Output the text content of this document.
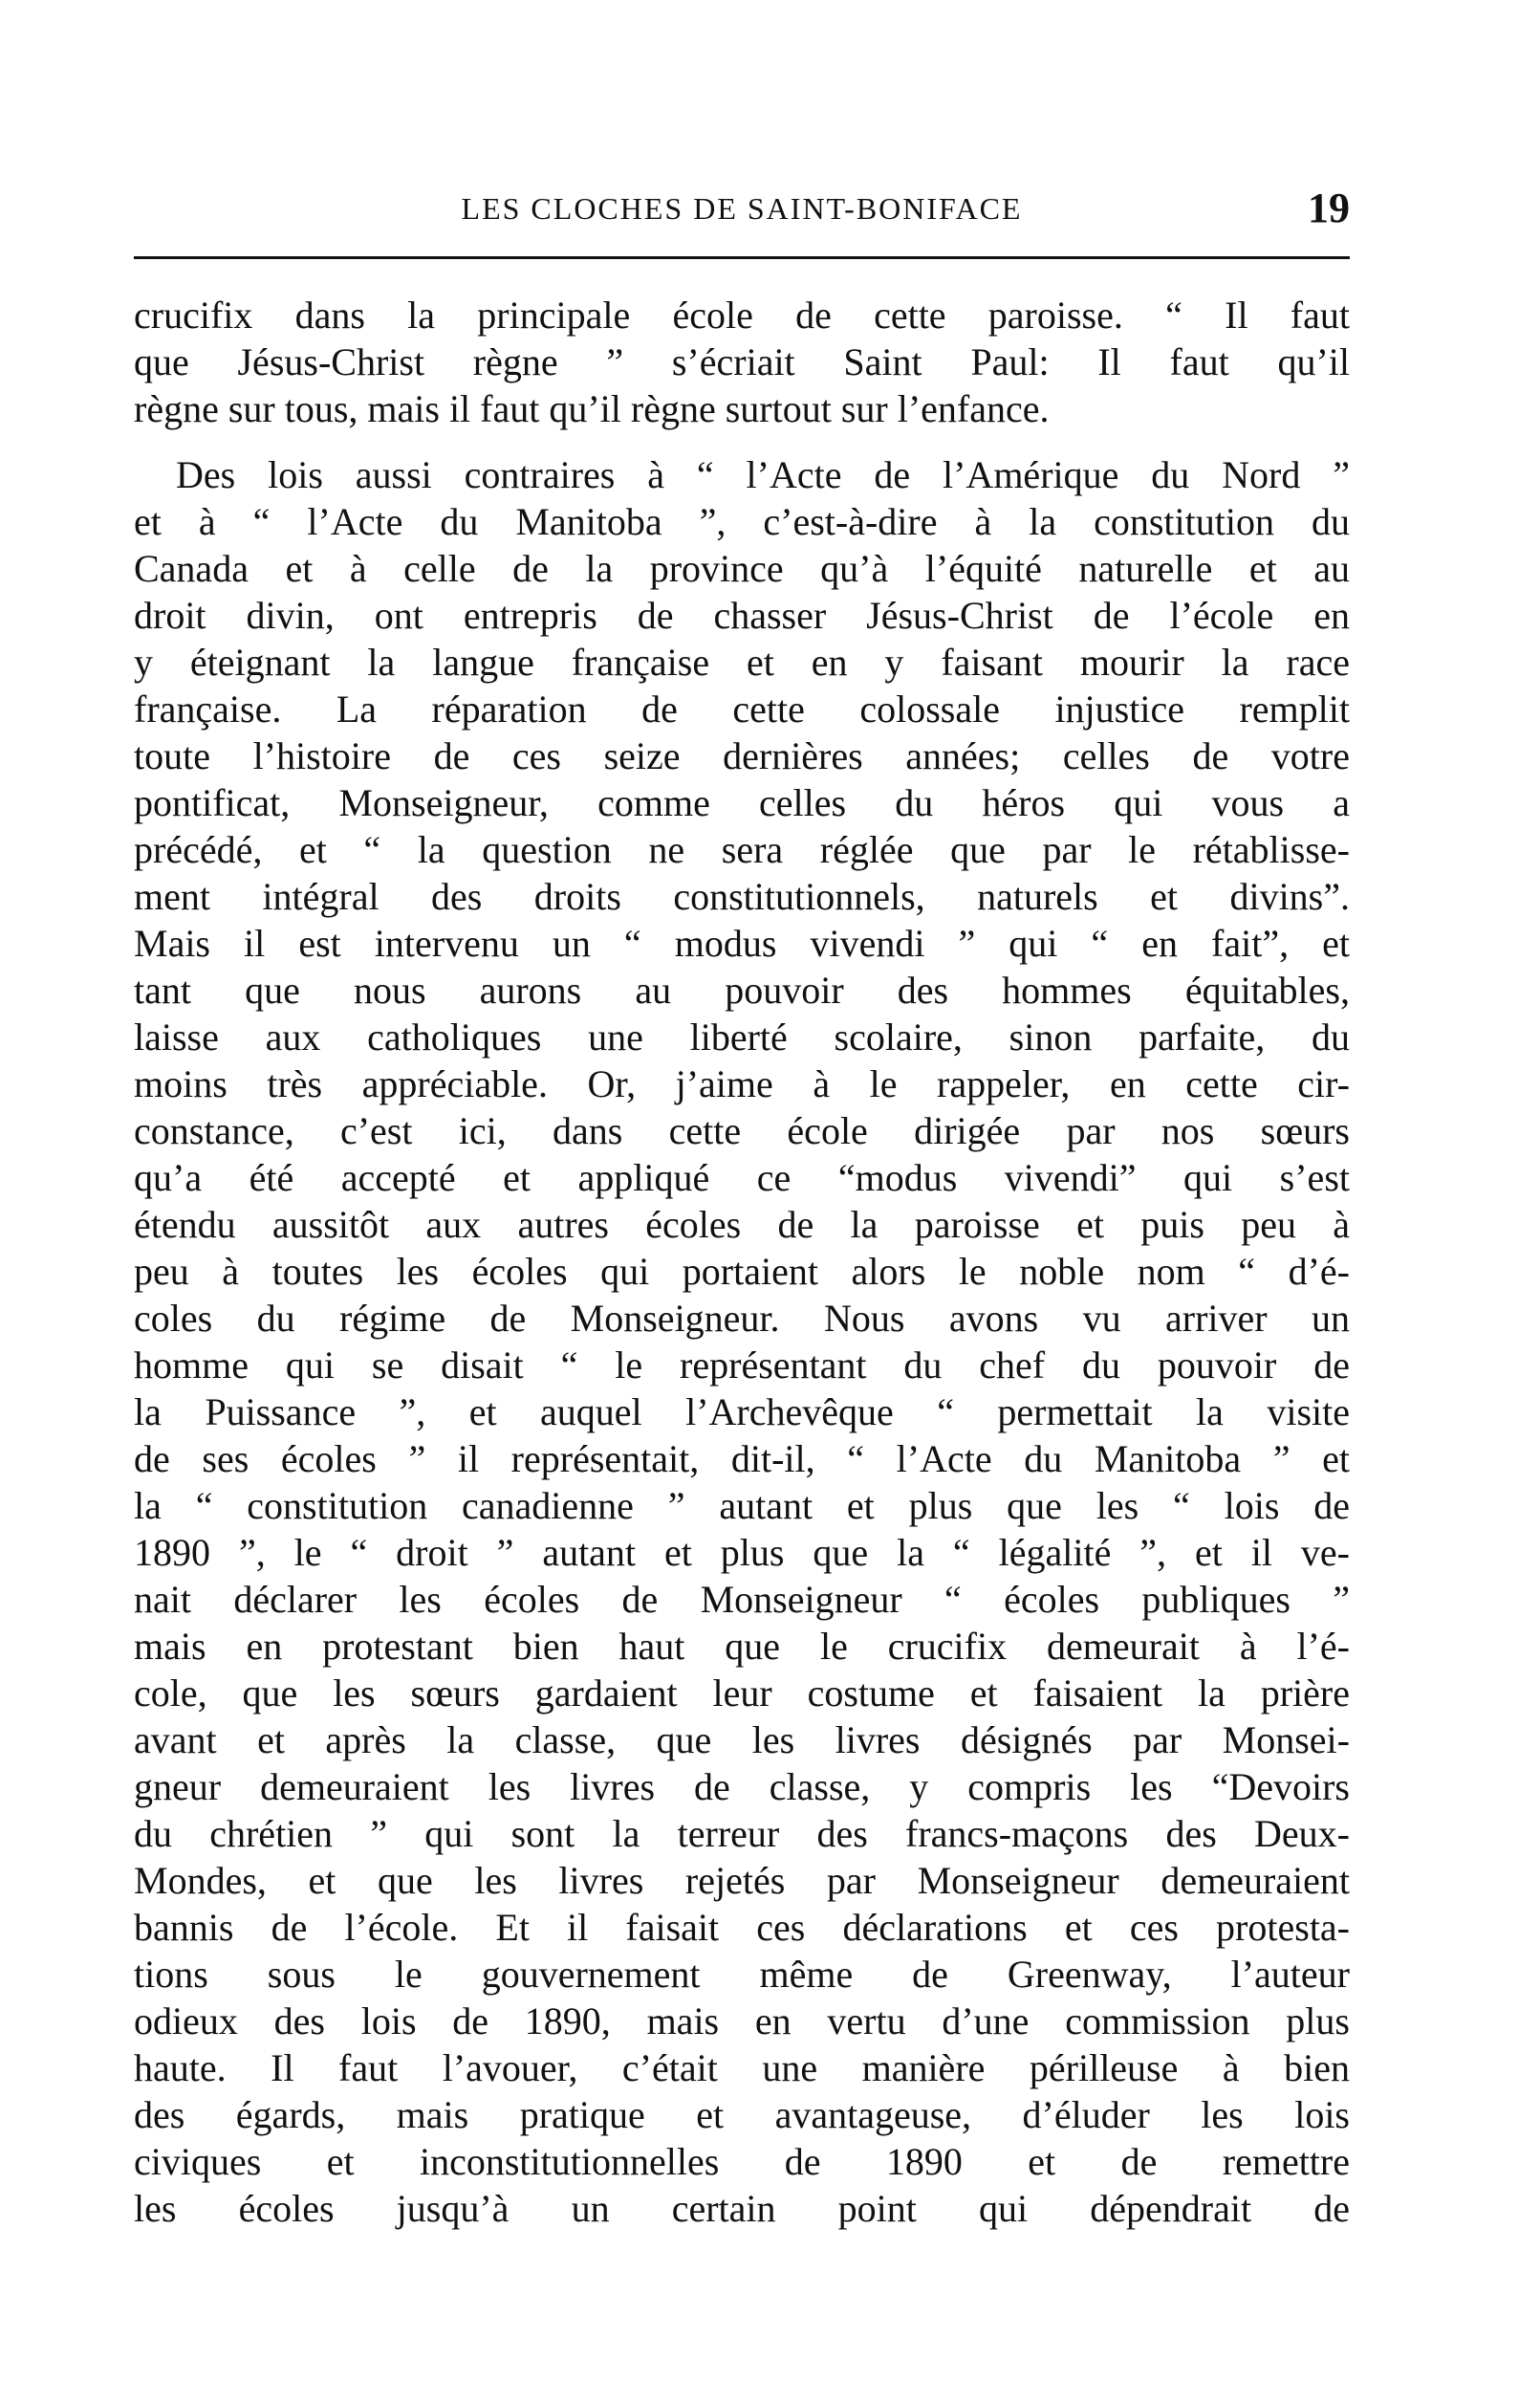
LES CLOCHES DE SAINT-BONIFACE	19
crucifix dans la principale école de cette paroisse. “ Il faut
que Jésus-Christ règne ” s’écriait Saint Paul: Il faut qu’il
règne sur tous, mais il faut qu’il règne surtout sur l’enfance.
Des lois aussi contraires à “ l’Acte de l’Amérique du Nord ”
et à “ l’Acte du Manitoba ”, c’est-à-dire à la constitution du
Canada et à celle de la province qu’à l’équité naturelle et au
droit divin, ont entrepris de chasser Jésus-Christ de l’école en
y éteignant la langue française et en y faisant mourir la race
française. La réparation de cette colossale injustice remplit
toute l’histoire de ces seize dernières années; celles de votre
pontificat, Monseigneur, comme celles du héros qui vous a
précédé, et “ la question ne sera réglée que par le rétablisse-
ment intégral des droits constitutionnels, naturels et divins”.
Mais il est intervenu un “ modus vivendi ” qui “ en fait”, et
tant que nous aurons au pouvoir des hommes équitables,
laisse aux catholiques une liberté scolaire, sinon parfaite, du
moins très appréciable. Or, j’aime à le rappeler, en cette cir-
constance, c’est ici, dans cette école dirigée par nos sœurs
qu’a été accepté et appliqué ce “modus vivendi” qui s’est
étendu aussitôt aux autres écoles de la paroisse et puis peu à
peu à toutes les écoles qui portaient alors le noble nom “ d’é-
coles du régime de Monseigneur. Nous avons vu arriver un
homme qui se disait “ le représentant du chef du pouvoir de
la Puissance ”, et auquel l’Archevêque “ permettait la visite
de ses écoles ” il représentait, dit-il, “ l’Acte du Manitoba ” et
la “ constitution canadienne ” autant et plus que les “ lois de
1890 ”, le “ droit ” autant et plus que la “ légalité ”, et il ve-
nait déclarer les écoles de Monseigneur “ écoles publiques ”
mais en protestant bien haut que le crucifix demeurait à l’é-
cole, que les sœurs gardaient leur costume et faisaient la prière
avant et après la classe, que les livres désignés par Monsei-
gneur demeuraient les livres de classe, y compris les “Devoirs
du chrétien ” qui sont la terreur des francs-maçons des Deux-
Mondes, et que les livres rejetés par Monseigneur demeuraient
bannis de l’école. Et il faisait ces déclarations et ces protesta-
tions sous le gouvernement même de Greenway, l’auteur
odieux des lois de 1890, mais en vertu d’une commission plus
haute. Il faut l’avouer, c’était une manière périlleuse à bien
des égards, mais pratique et avantageuse, d’éluder les lois
civiques et inconstitutionnelles de 1890 et de remettre
les écoles jusqu’à un certain point qui dépendrait de
